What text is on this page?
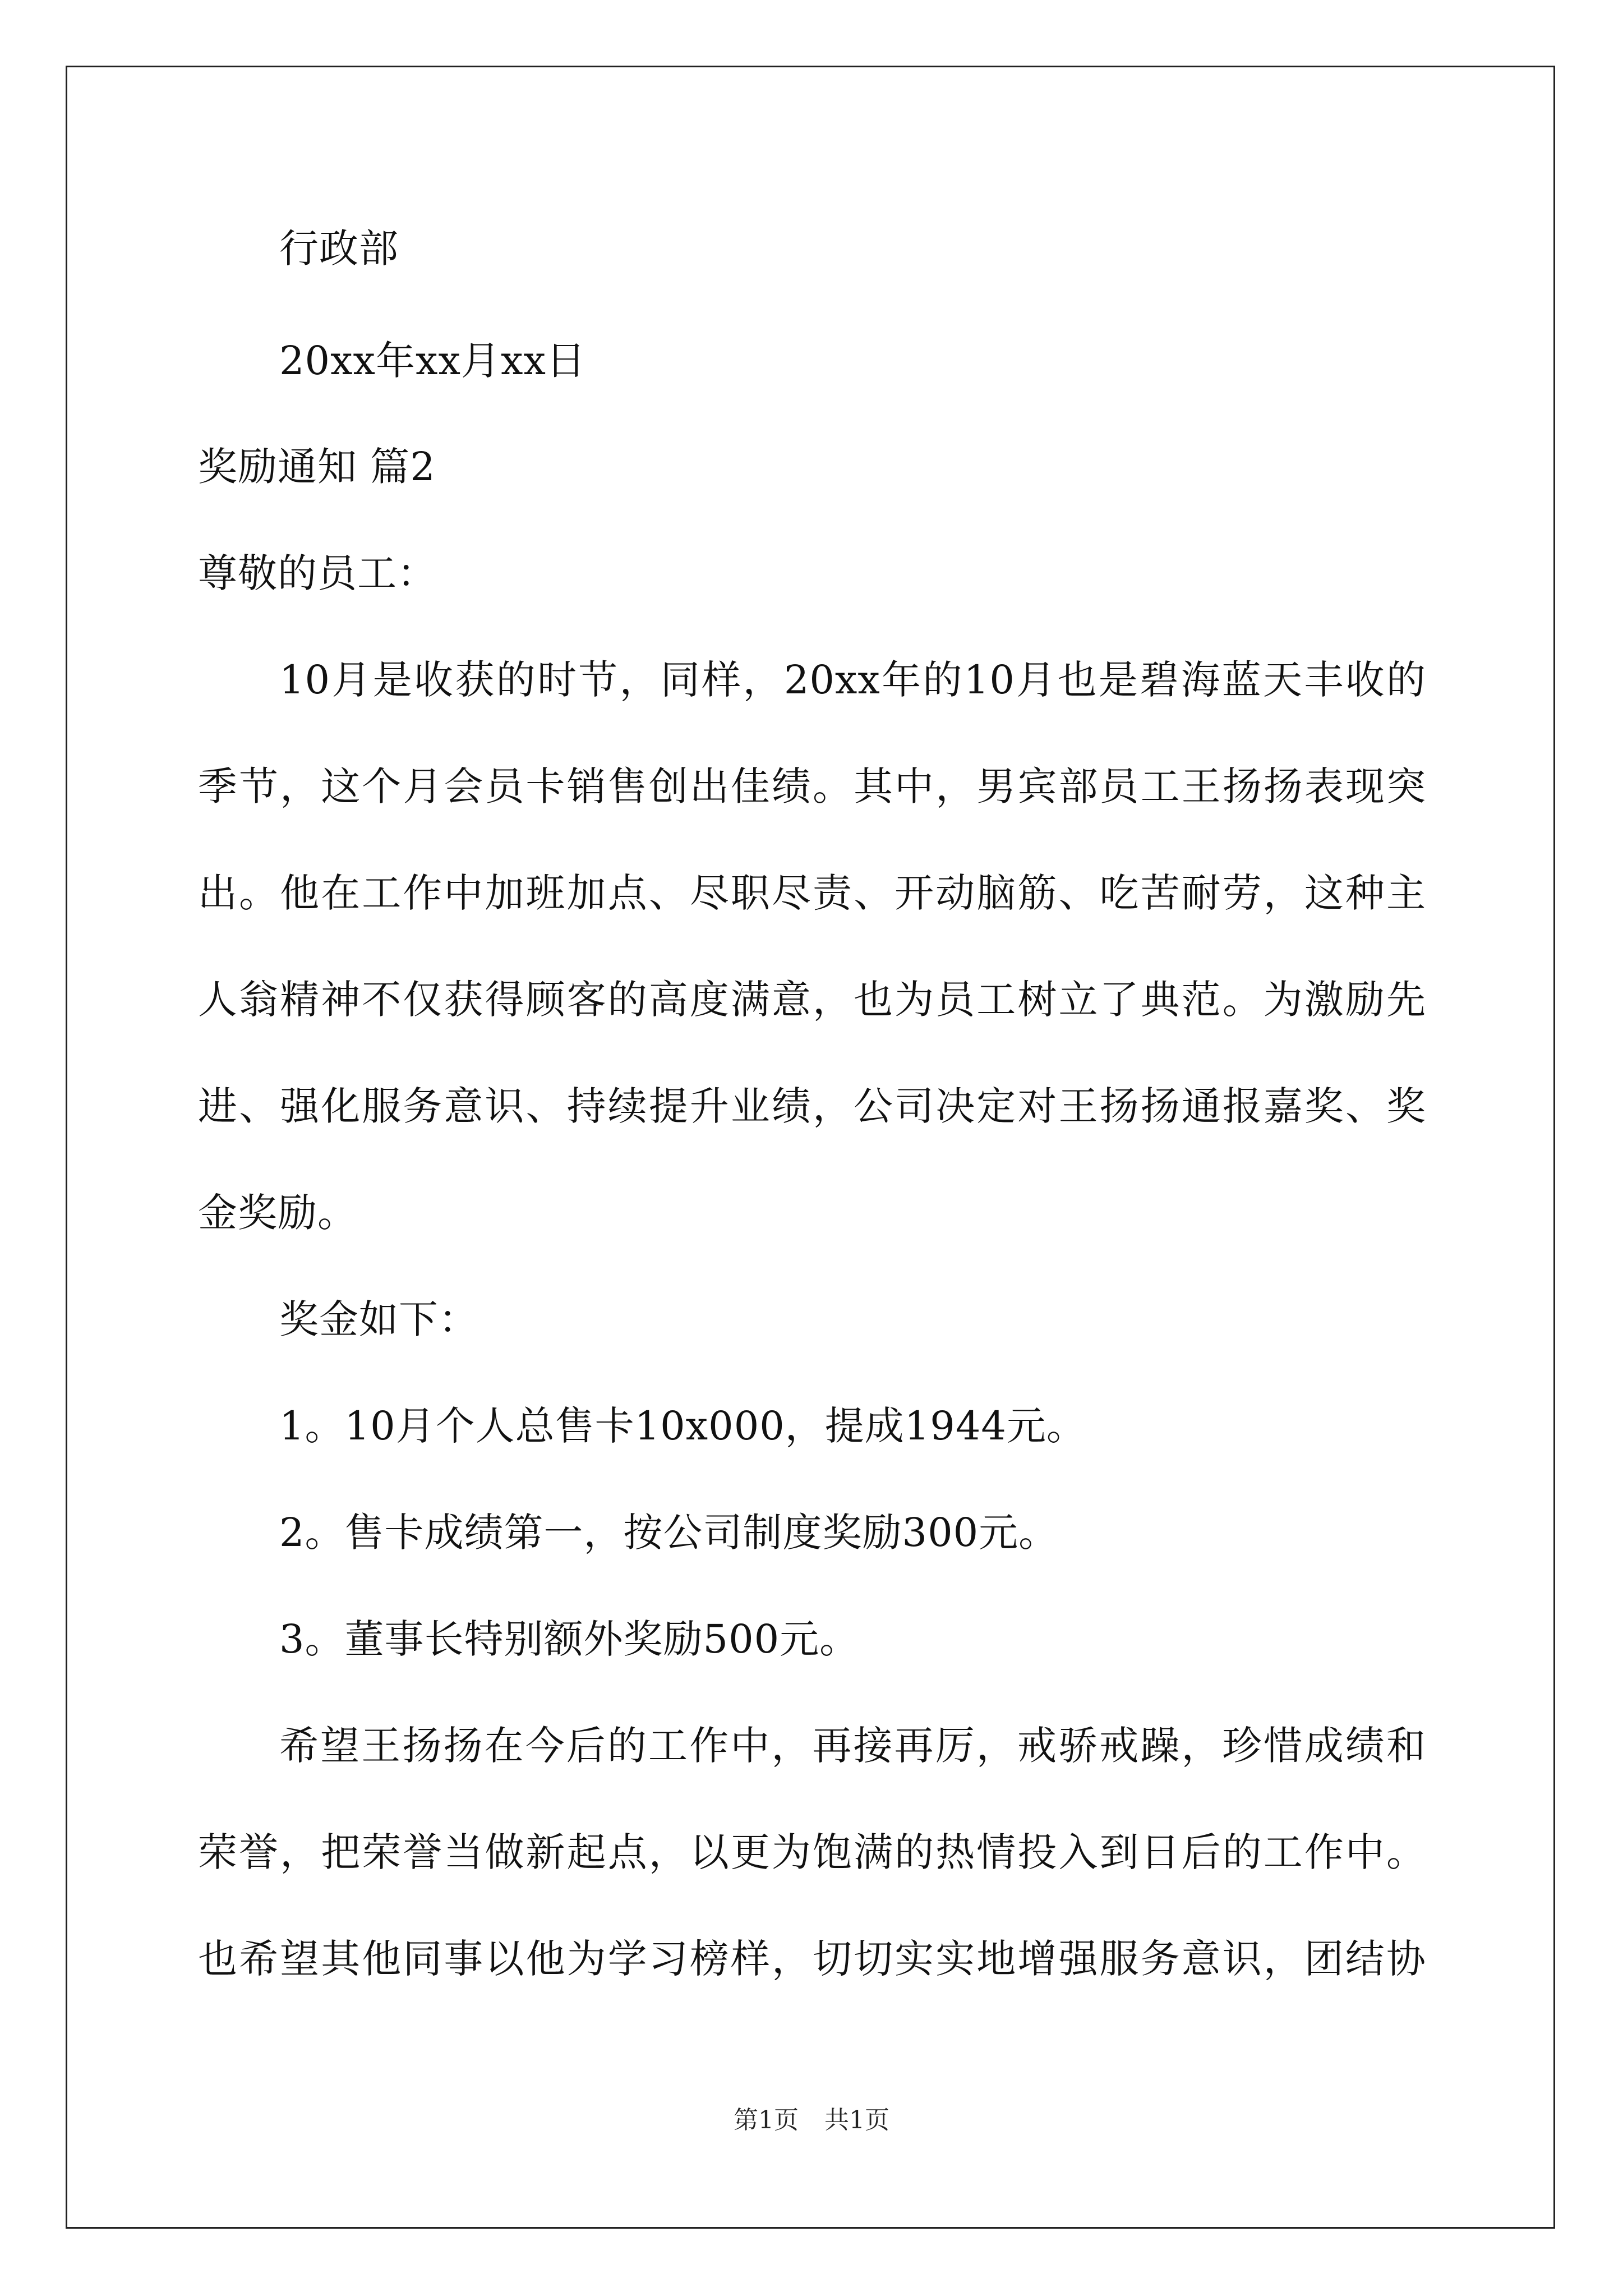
行政部
20xx年xx月xx日
奖励通知 篇2
尊敬的员工：
10月是收获的时节，同样，20xx年的10月也是碧海蓝天丰收的
季节，这个月会员卡销售创出佳绩。其中，男宾部员工王扬扬表现突
出。他在工作中加班加点、尽职尽责、开动脑筋、吃苦耐劳，这种主
人翁精神不仅获得顾客的高度满意，也为员工树立了典范。为激励先
进、强化服务意识、持续提升业绩，公司决定对王扬扬通报嘉奖、奖
金奖励。
奖金如下：
1。10月个人总售卡10x000，提成1944元。
2。售卡成绩第一，按公司制度奖励300元。
3。董事长特别额外奖励500元。
希望王扬扬在今后的工作中，再接再厉，戒骄戒躁，珍惜成绩和
荣誉，把荣誉当做新起点，以更为饱满的热情投入到日后的工作中。
也希望其他同事以他为学习榜样，切切实实地增强服务意识，团结协
第1页 共1页
